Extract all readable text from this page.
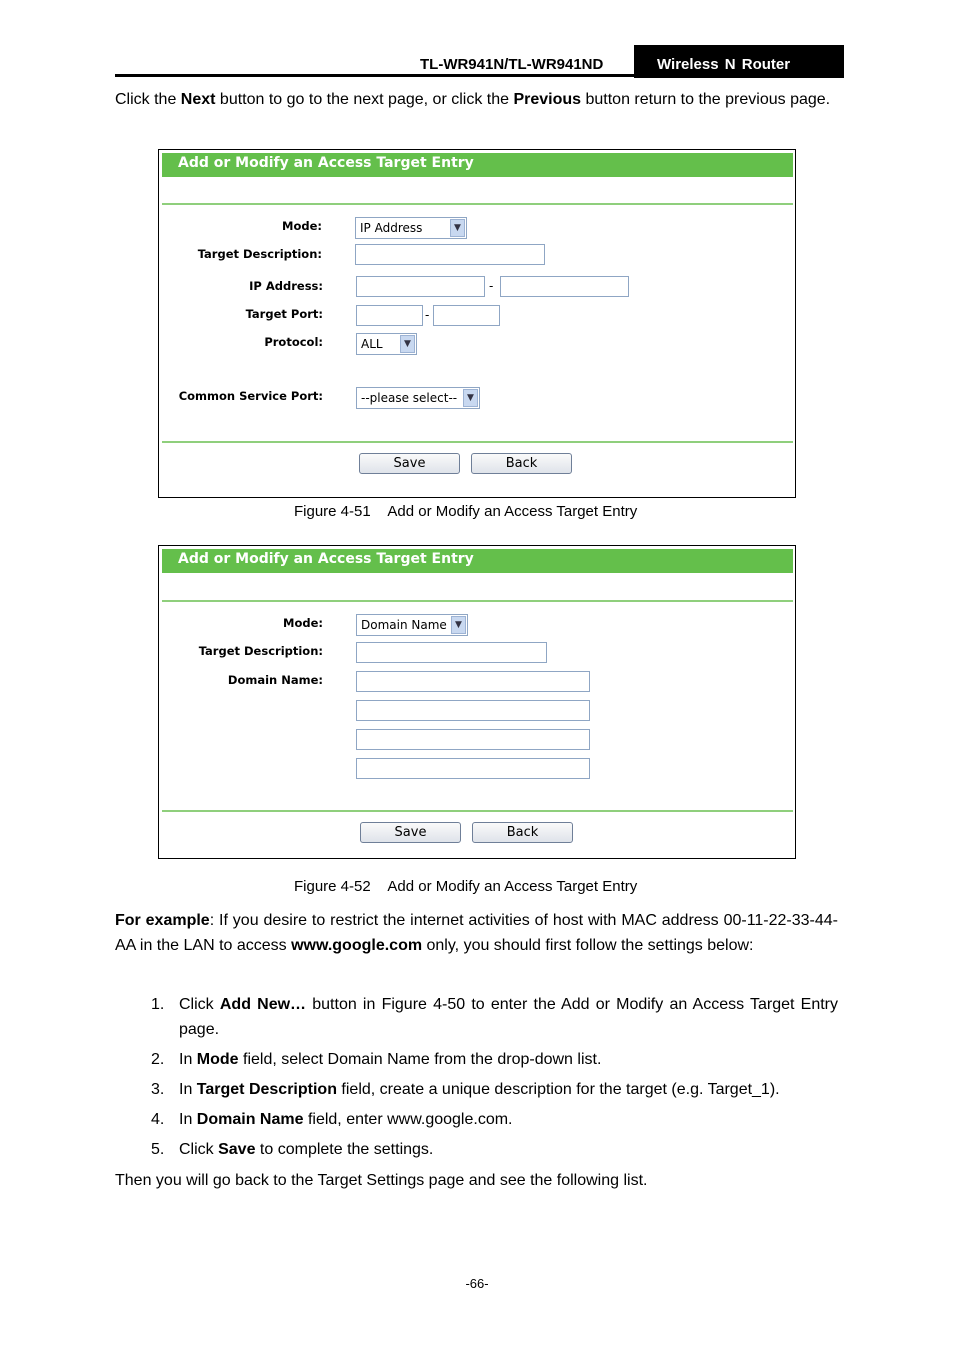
TL-WR941N/TL-WR941ND	Wireless N Router
Click the Next button to go to the next page, or click the Previous button return to the previous page.
Add or Modify an Access Target Entry
Mode:	IP Address	▼
Target Description:
IP Address:	-
Target Port:	-
Protocol:	ALL	▼
Common Service Port:	--please select--	▼
Save	Back
Figure 4-51 Add or Modify an Access Target Entry
Add or Modify an Access Target Entry
Mode:	Domain Name ▼
Target Description:
Domain Name:
Save	Back
Figure 4-52 Add or Modify an Access Target Entry
For example: If you desire to restrict the internet activities of host with MAC address 00-11-22-33-44-AA in the LAN to access www.google.com only, you should first follow the settings below:
1. Click Add New… button in Figure 4-50 to enter the Add or Modify an Access Target Entry page.
2. In Mode field, select Domain Name from the drop-down list.
3. In Target Description field, create a unique description for the target (e.g. Target_1).
4. In Domain Name field, enter www.google.com.
5. Click Save to complete the settings.
Then you will go back to the Target Settings page and see the following list.
-66-
